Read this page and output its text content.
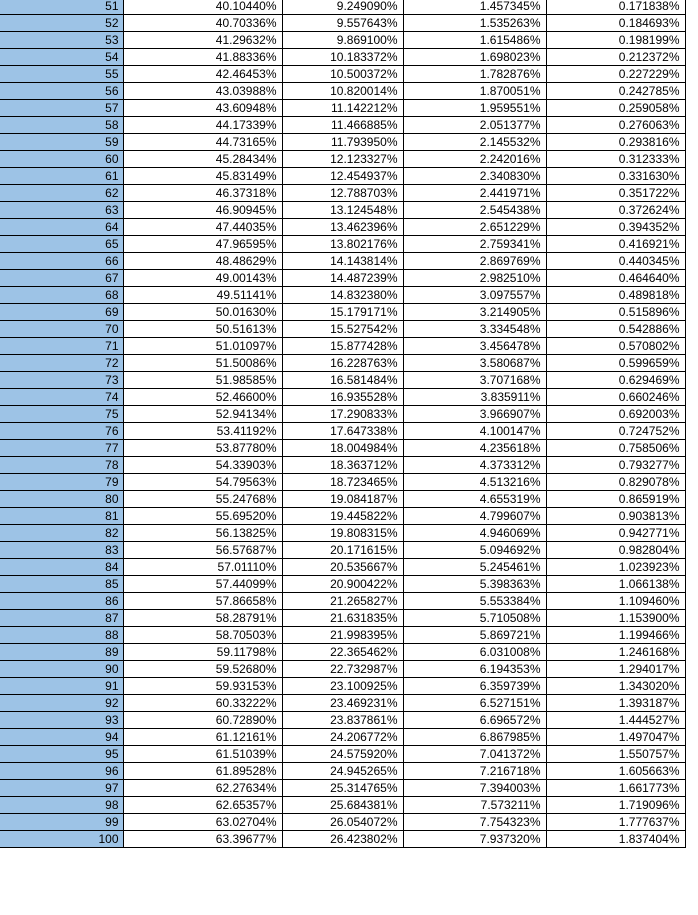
51	40.10440%	9.249090%	1.457345%	0.171838%
52	40.70336%	9.557643%	1.535263%	0.184693%
53	41.29632%	9.869100%	1.615486%	0.198199%
54	41.88336%	10.183372%	1.698023%	0.212372%
55	42.46453%	10.500372%	1.782876%	0.227229%
56	43.03988%	10.820014%	1.870051%	0.242785%
57	43.60948%	11.142212%	1.959551%	0.259058%
58	44.17339%	11.466885%	2.051377%	0.276063%
59	44.73165%	11.793950%	2.145532%	0.293816%
60	45.28434%	12.123327%	2.242016%	0.312333%
61	45.83149%	12.454937%	2.340830%	0.331630%
62	46.37318%	12.788703%	2.441971%	0.351722%
63	46.90945%	13.124548%	2.545438%	0.372624%
64	47.44035%	13.462396%	2.651229%	0.394352%
65	47.96595%	13.802176%	2.759341%	0.416921%
66	48.48629%	14.143814%	2.869769%	0.440345%
67	49.00143%	14.487239%	2.982510%	0.464640%
68	49.51141%	14.832380%	3.097557%	0.489818%
69	50.01630%	15.179171%	3.214905%	0.515896%
70	50.51613%	15.527542%	3.334548%	0.542886%
71	51.01097%	15.877428%	3.456478%	0.570802%
72	51.50086%	16.228763%	3.580687%	0.599659%
73	51.98585%	16.581484%	3.707168%	0.629469%
74	52.46600%	16.935528%	3.835911%	0.660246%
75	52.94134%	17.290833%	3.966907%	0.692003%
76	53.41192%	17.647338%	4.100147%	0.724752%
77	53.87780%	18.004984%	4.235618%	0.758506%
78	54.33903%	18.363712%	4.373312%	0.793277%
79	54.79563%	18.723465%	4.513216%	0.829078%
80	55.24768%	19.084187%	4.655319%	0.865919%
81	55.69520%	19.445822%	4.799607%	0.903813%
82	56.13825%	19.808315%	4.946069%	0.942771%
83	56.57687%	20.171615%	5.094692%	0.982804%
84	57.01110%	20.535667%	5.245461%	1.023923%
85	57.44099%	20.900422%	5.398363%	1.066138%
86	57.86658%	21.265827%	5.553384%	1.109460%
87	58.28791%	21.631835%	5.710508%	1.153900%
88	58.70503%	21.998395%	5.869721%	1.199466%
89	59.11798%	22.365462%	6.031008%	1.246168%
90	59.52680%	22.732987%	6.194353%	1.294017%
91	59.93153%	23.100925%	6.359739%	1.343020%
92	60.33222%	23.469231%	6.527151%	1.393187%
93	60.72890%	23.837861%	6.696572%	1.444527%
94	61.12161%	24.206772%	6.867985%	1.497047%
95	61.51039%	24.575920%	7.041372%	1.550757%
96	61.89528%	24.945265%	7.216718%	1.605663%
97	62.27634%	25.314765%	7.394003%	1.661773%
98	62.65357%	25.684381%	7.573211%	1.719096%
99	63.02704%	26.054072%	7.754323%	1.777637%
100	63.39677%	26.423802%	7.937320%	1.837404%
